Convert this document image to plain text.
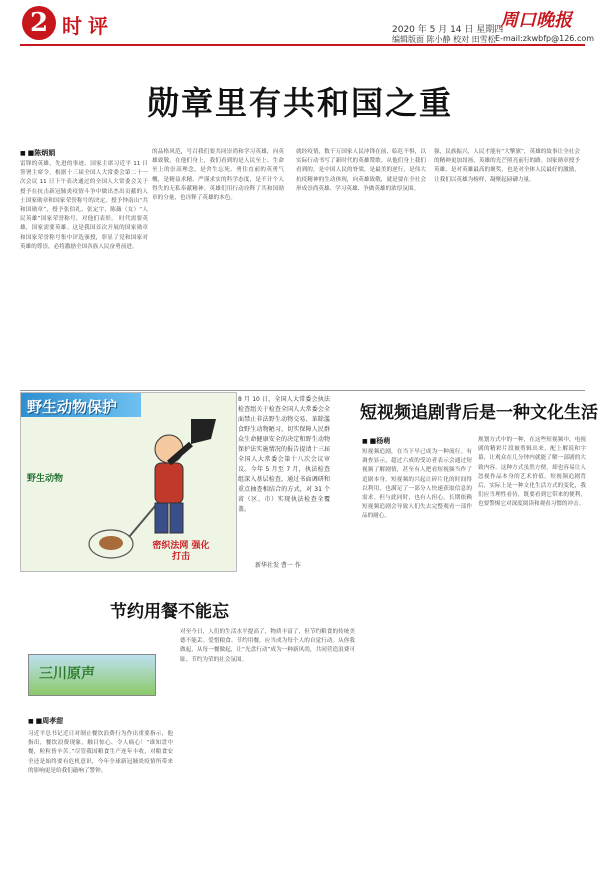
2 时评	2020 年 5 月 14 日 星期四
编辑版面 陈小静 校对 田雪松
周口晚报
E-mail:zkwbfp@126.com
勋章里有共和国之重
■ ■陈炳娟
雷锋的英雄，先进的事迹、国家主席习近平 11 日签署主席令，根据十三届全国人大常委会第二十一次会议 11 日下午表决通过的全国人大常委会关于授予在抗击新冠肺炎疫情斗争中做出杰出贡献的人士国家勋章和国家荣誉称号的决定，授予钟南山“共和国勋章”，授予张伯礼、张定宇、陈薇（女）“人民英雄”国家荣誉称号，对他们表彰。 时代需要英雄，国家需要英雄。这是我国首次开展的国家勋章和国家荣誉称号集中评选颁授，彰显了党和国家对英雄的尊崇，必将激励全国各族人民奋勇前进。
的品格风范，号召我们要共同崇尚和学习英雄，向英雄致敬，在他们身上，我们看到的是人民至上、生命至上的崇高理念，是舍生忘死、勇往直前的英勇气概，是精益求精、严谨求实的科学态度，是不计个人得失的无私奉献精神。英雄们用行动诠释了共和国勋章的分量，也诠释了英雄的本色。
就经疫情，数千万国家人民冲锋在前、临危不惧，以实际行动书写了新时代的英雄赞歌。从他们身上我们看到的，是中国人民的脊梁，是最美的逆行，是伟大抗疫精神的生动体现，向英雄致敬，就是要在全社会形成崇尚英雄、学习英雄、争做英雄的浓厚氛围。
强，民族振兴，人民才能有“大擎旗”，英雄的故事让全社会的精神更加昂扬，英雄的光芒照亮前行的路。国家勋章授予英雄，是对英雄最高的褒奖，也是对全体人民最好的激励，让我们以英雄为榜样，凝聚起磅礴力量。
野生动物保护
野生动物
密织法网 强化打击
8 月 10 日，全国人大常委会执法检查组关于检查全国人大常委会全面禁止非法野生动物交易、革除滥食野生动物陋习、切实保障人民群众生命健康安全的决定和野生动物保护法实施情况的报告提请十三届全国人大常委会第十八次会议审议。今年 5 月至 7 月，执法检查组深入基层检查，通过书面调研和重点抽查相结合的方式，对 31 个省（区、市）实现执法检查全覆盖。
新华社发 曹一 作
短视频追剧背后是一种文化生活
■ ■杨萌
短视频追剧，在当下早已成为一种流行。有调查显示，超过六成的受访者表示会通过短视频了解剧情，甚至有人把看短视频当作了追剧本身。短视频的兴起让碎片化的时间得以利用，也满足了一部分人快速获取信息的需求。但与此同时，也有人担心，长期依赖短视频追剧会导致人们失去完整观看一部作品的耐心。
规划方式中的一种，在这些短视频中，电视剧的精彩片段被剪辑出来，配上解说和字幕，让观众在几分钟内就能了解一部剧的大致内容。这种方式虽然方便，却也容易让人忽视作品本身的艺术价值。短视频追剧背后，实际上是一种文化生活方式的变化，我们应当理性看待，既要看到它带来的便利，也要警惕它对深度阅读和观看习惯的冲击。
节约用餐不能忘
三川原声
■ ■周孝甜
习近平总书记近日对制止餐饮浪费行为作出重要指示，他指出，餐饮浪费现象，触目惊心、令人痛心！“谁知盘中餐，粒粒皆辛苦。”尽管我国粮食生产连年丰收，对粮食安全还是始终要有危机意识，今年全球新冠肺炎疫情所带来的影响更是给我们敲响了警钟。
对至今日，人们的生活水平提高了，物质丰富了，但节约粮食的传统美德不能丢。爱惜粮食、节约用餐，应当成为每个人的自觉行动。从你我做起，从每一餐做起，让“光盘行动”成为一种新风尚，共同营造浪费可耻、节约为荣的社会氛围。
